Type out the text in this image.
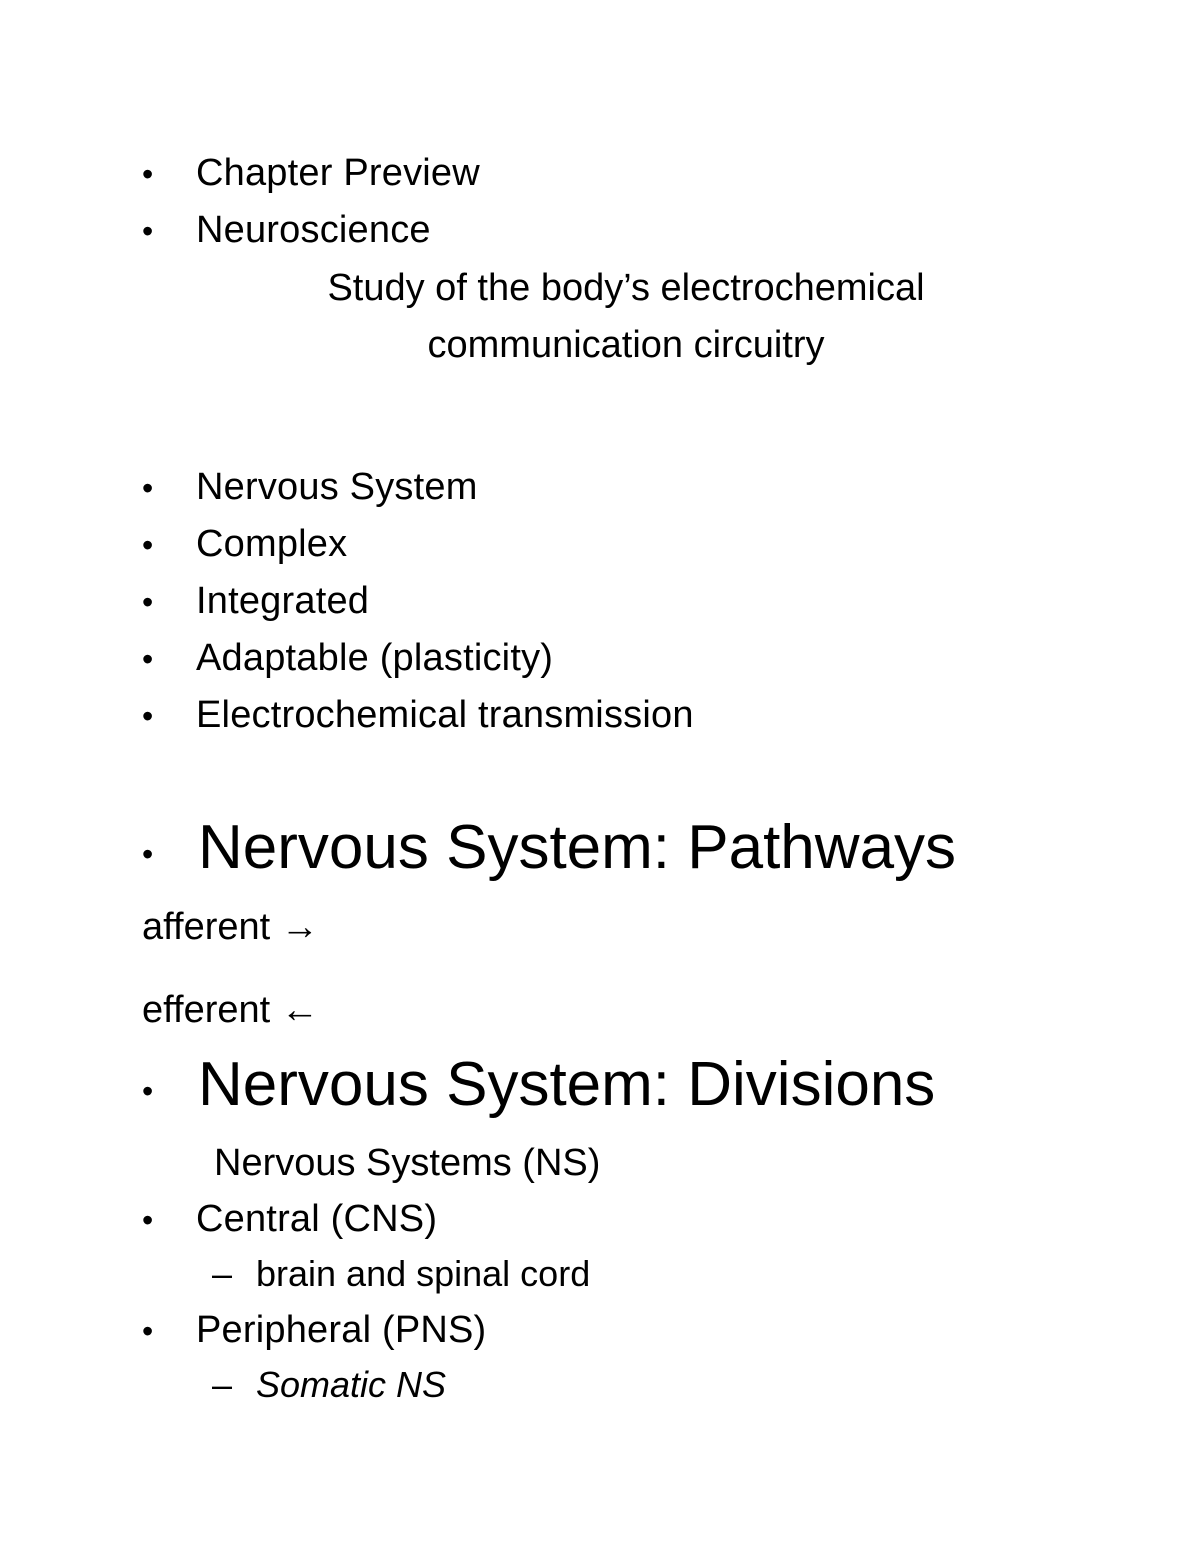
• Chapter Preview
• Neuroscience
Study of the body’s electrochemical
communication circuitry
• Nervous System
• Complex
• Integrated
• Adaptable (plasticity)
• Electrochemical transmission
• Nervous System: Pathways
afferent →
efferent ←
• Nervous System: Divisions
Nervous Systems (NS)
• Central (CNS)
– brain and spinal cord
• Peripheral (PNS)
– Somatic NS
